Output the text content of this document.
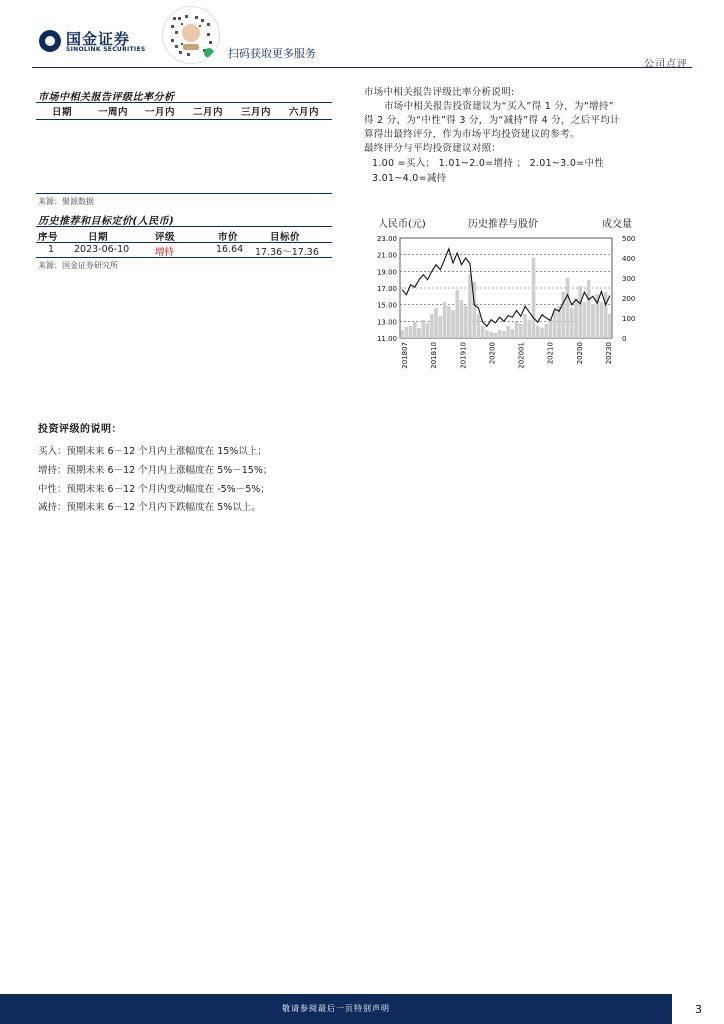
国金证券
SINOLINK SECURITIES	扫码获取更多服务
公司点评
市场中相关报告评级比率分析
日期	一周内 一月内 二月内 三月内 六月内
来源：聚源数据
历史推荐和目标定价(人民币)
序号	日期	评级	市价	目标价
1 2023-06-10	增持	16.64 17.36～17.36
来源：国金证券研究所
市场中相关报告评级比率分析说明:
市场中相关报告投资建议为“买入”得 1 分，为“增持”
得 2 分，为“中性”得 3 分，为“减持”得 4 分，之后平均计
算得出最终评分，作为市场平均投资建议的参考。
最终评分与平均投资建议对照：
1.00 =买入； 1.01~2.0=增持 ； 2.01~3.0=中性
3.01~4.0=减持
人民币(元)	历史推荐与股价	成交量
23.00
21.00
19.00
17.00
15.00
13.00
11.00
500
400
300
200
100
0
201807	201810	201910	20200	202001	20210	20200	20230
投资评级的说明：
买入：预期未来 6－12 个月内上涨幅度在 15%以上；
增持：预期未来 6－12 个月内上涨幅度在 5%－15%；
中性：预期未来 6－12 个月内变动幅度在 -5%－5%；
减持：预期未来 6－12 个月内下跌幅度在 5%以上。
敬请参阅最后一页特别声明	3
